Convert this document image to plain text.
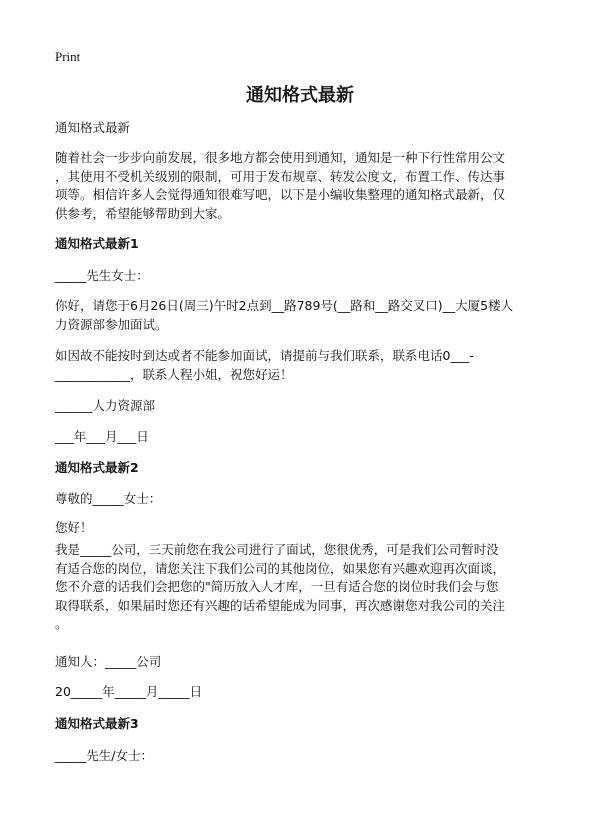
Print
通知格式最新
通知格式最新
随着社会一步步向前发展，很多地方都会使用到通知，通知是一种下行性常用公文
，其使用不受机关级别的限制，可用于发布规章、转发公度文，布置工作、传达事
项等。相信许多人会觉得通知很难写吧，以下是小编收集整理的通知格式最新，仅
供参考，希望能够帮助到大家。
通知格式最新1
_____先生女士：
你好，请您于6月26日(周三)午时2点到__路789号(__路和__路交叉口)__大厦5楼人
力资源部参加面试。
如因故不能按时到达或者不能参加面试，请提前与我们联系，联系电话0___-
____________，联系人程小姐，祝您好运！
______人力资源部
___年___月___日
通知格式最新2
尊敬的_____女士：
您好！
我是_____公司，三天前您在我公司进行了面试，您很优秀，可是我们公司暂时没
有适合您的岗位，请您关注下我们公司的其他岗位，如果您有兴趣欢迎再次面谈，
您不介意的话我们会把您的"简历放入人才库，一旦有适合您的岗位时我们会与您
取得联系，如果届时您还有兴趣的话希望能成为同事，再次感谢您对我公司的关注
。
通知人：_____公司
20_____年_____月_____日
通知格式最新3
_____先生/女士：
